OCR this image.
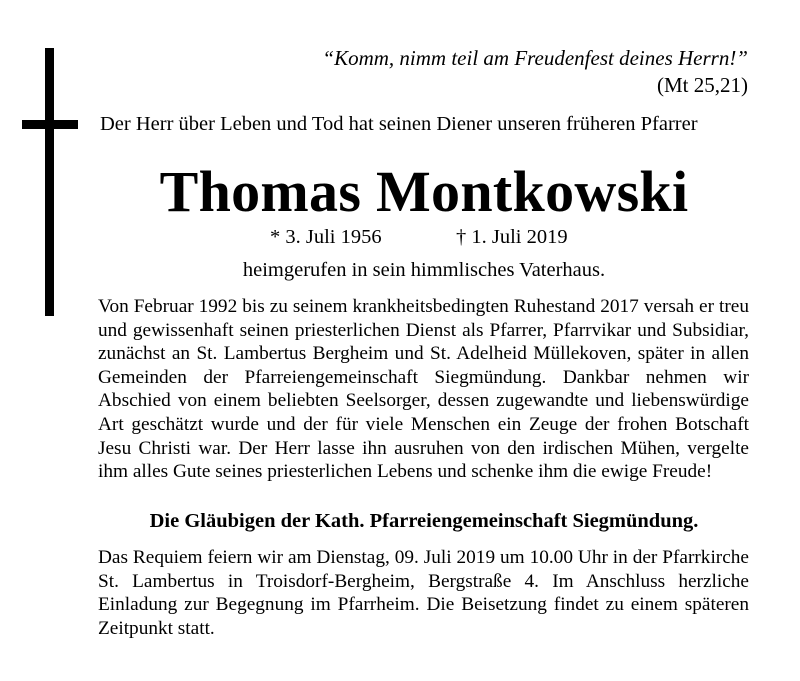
“Komm, nimm teil am Freudenfest deines Herrn!”
(Mt 25,21)
Der Herr über Leben und Tod hat seinen Diener unseren früheren Pfarrer
Thomas Montkowski
* 3. Juli 1956	† 1. Juli 2019
heimgerufen in sein himmlisches Vaterhaus.

Von Februar 1992 bis zu seinem krankheitsbedingten Ruhestand 2017 versah er treu und gewissenhaft seinen priesterlichen Dienst als Pfarrer, Pfarrvikar und Subsidiar, zunächst an St. Lambertus Bergheim und St. Adelheid Müllekoven, später in allen Gemeinden der Pfarreiengemeinschaft Siegmündung. Dankbar nehmen wir Abschied von einem beliebten Seelsorger, dessen zugewandte und liebenswürdige Art geschätzt wurde und der für viele Menschen ein Zeuge der frohen Botschaft Jesu Christi war. Der Herr lasse ihn ausruhen von den irdischen Mühen, vergelte ihm alles Gute seines priesterlichen Lebens und schenke ihm die ewige Freude!

Die Gläubigen der Kath. Pfarreiengemeinschaft Siegmündung.

Das Requiem feiern wir am Dienstag, 09. Juli 2019 um 10.00 Uhr in der Pfarrkirche St. Lambertus in Troisdorf-Bergheim, Bergstraße 4. Im Anschluss herzliche Einladung zur Begegnung im Pfarrheim. Die Beisetzung findet zu einem späteren Zeitpunkt statt.
